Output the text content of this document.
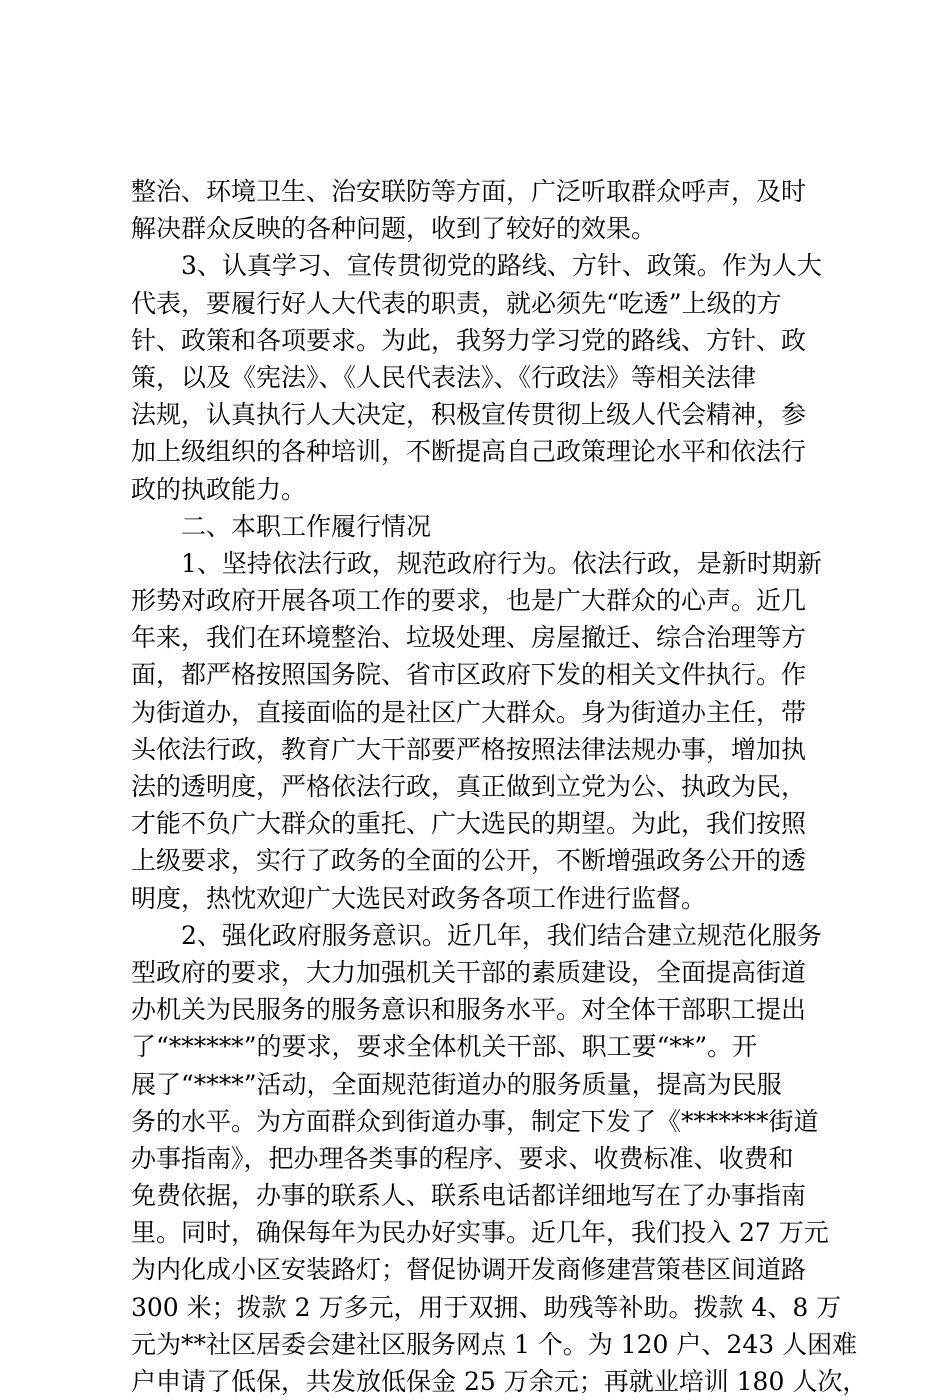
整治、环境卫生、治安联防等方面，广泛听取群众呼声，及时
解决群众反映的各种问题，收到了较好的效果。
　　3、认真学习、宣传贯彻党的路线、方针、政策。作为人大
代表，要履行好人大代表的职责，就必须先“吃透”上级的方
针、政策和各项要求。为此，我努力学习党的路线、方针、政
策，以及《宪法》、《人民代表法》、《行政法》等相关法律
法规，认真执行人大决定，积极宣传贯彻上级人代会精神，参
加上级组织的各种培训，不断提高自己政策理论水平和依法行
政的执政能力。
　　二、本职工作履行情况
　　1、坚持依法行政，规范政府行为。依法行政，是新时期新
形势对政府开展各项工作的要求，也是广大群众的心声。近几
年来，我们在环境整治、垃圾处理、房屋撤迁、综合治理等方
面，都严格按照国务院、省市区政府下发的相关文件执行。作
为街道办，直接面临的是社区广大群众。身为街道办主任，带
头依法行政，教育广大干部要严格按照法律法规办事，增加执
法的透明度，严格依法行政，真正做到立党为公、执政为民，
才能不负广大群众的重托、广大选民的期望。为此，我们按照
上级要求，实行了政务的全面的公开，不断增强政务公开的透
明度，热忱欢迎广大选民对政务各项工作进行监督。
　　2、强化政府服务意识。近几年，我们结合建立规范化服务
型政府的要求，大力加强机关干部的素质建设，全面提高街道
办机关为民服务的服务意识和服务水平。对全体干部职工提出
了“******”的要求，要求全体机关干部、职工要“**”。开
展了“****”活动，全面规范街道办的服务质量，提高为民服
务的水平。为方面群众到街道办事，制定下发了《*******街道
办事指南》，把办理各类事的程序、要求、收费标准、收费和
免费依据，办事的联系人、联系电话都详细地写在了办事指南
里。同时，确保每年为民办好实事。近几年，我们投入 27 万元
为内化成小区安装路灯；督促协调开发商修建营策巷区间道路
300 米；拨款 2 万多元，用于双拥、助残等补助。拨款 4、8 万
元为**社区居委会建社区服务网点 1 个。为 120 户、243 人困难
户申请了低保，共发放低保金 25 万余元；再就业培训 180 人次，
